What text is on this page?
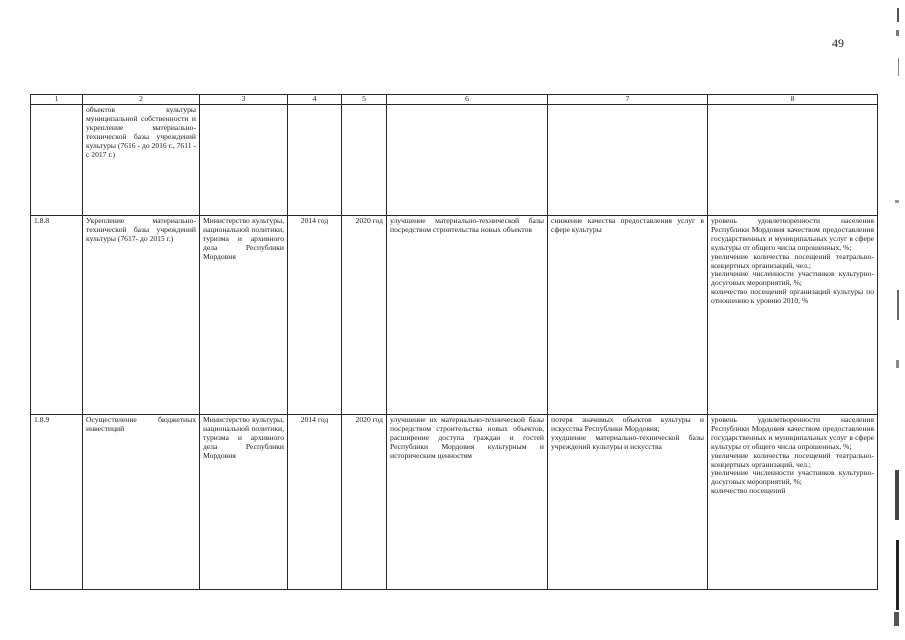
49
1	2	3	4	5	6	7	8
	объектов культуры муниципальной собственности и укрепление материально-технической базы учреждений культуры (7616 - до 2016 г., 7611 - с 2017 г.)						
1.8.8	Укрепление материально-технической базы учреждений культуры (7617- до 2015 г.)	Министерство культуры, национальной политики, туризма и архивного дела Республики Мордовия	2014 год	2020 год	улучшение материально-технической базы посредством строительства новых объектов	снижение качества предоставления услуг в сфере культуры	уровень удовлетворенности населения Республики Мордовия качеством предоставления государственных и муниципальных услуг в сфере культуры от общего числа опрошенных, %;
увеличение количества посещений театрально-концертных организаций, чел.;
увеличение численности участников культурно-досуговых мероприятий, %;
количество посещений организаций культуры по отношению к уровню 2010, %

1.8.9	Осуществление бюджетных инвестиций	Министерство культуры, национальной политики, туризма и архивного дела Республики Мордовия	2014 год	2020 год	улучшение их материально-технической базы посредством строительства новых объектов, расширение доступа граждан и гостей Республики Мордовия культурным и историческим ценностям	потеря значимых объектов культуры и искусства Республики Мордовия;
ухудшение материально-технической базы учреждений культуры и искусства	уровень удовлетворенности населения Республики Мордовия качеством предоставления государственных и муниципальных услуг в сфере культуры от общего числа опрошенных, %;
увеличение количества посещений театрально-концертных организаций, чел.;
увеличение численности участников культурно-досуговых мероприятий, %;
количество посещений
